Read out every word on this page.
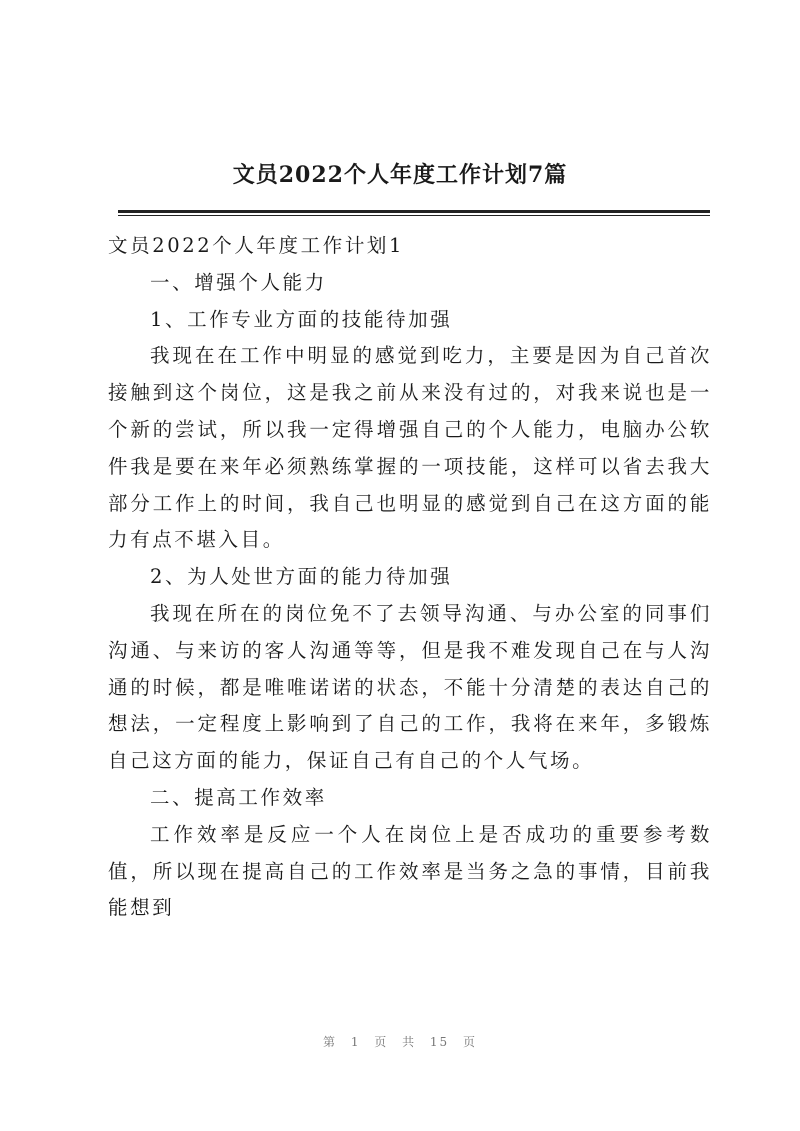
文员2022个人年度工作计划7篇

文员2022个人年度工作计划1

一、增强个人能力

1、工作专业方面的技能待加强

我现在在工作中明显的感觉到吃力，主要是因为自己首次接触到这个岗位，这是我之前从来没有过的，对我来说也是一个新的尝试，所以我一定得增强自己的个人能力，电脑办公软件我是要在来年必须熟练掌握的一项技能，这样可以省去我大部分工作上的时间，我自己也明显的感觉到自己在这方面的能力有点不堪入目。

2、为人处世方面的能力待加强

我现在所在的岗位免不了去领导沟通、与办公室的同事们沟通、与来访的客人沟通等等，但是我不难发现自己在与人沟通的时候，都是唯唯诺诺的状态，不能十分清楚的表达自己的想法，一定程度上影响到了自己的工作，我将在来年，多锻炼自己这方面的能力，保证自己有自己的个人气场。

二、提高工作效率

工作效率是反应一个人在岗位上是否成功的重要参考数值，所以现在提高自己的工作效率是当务之急的事情，目前我能想到

第 1 页 共 15 页
